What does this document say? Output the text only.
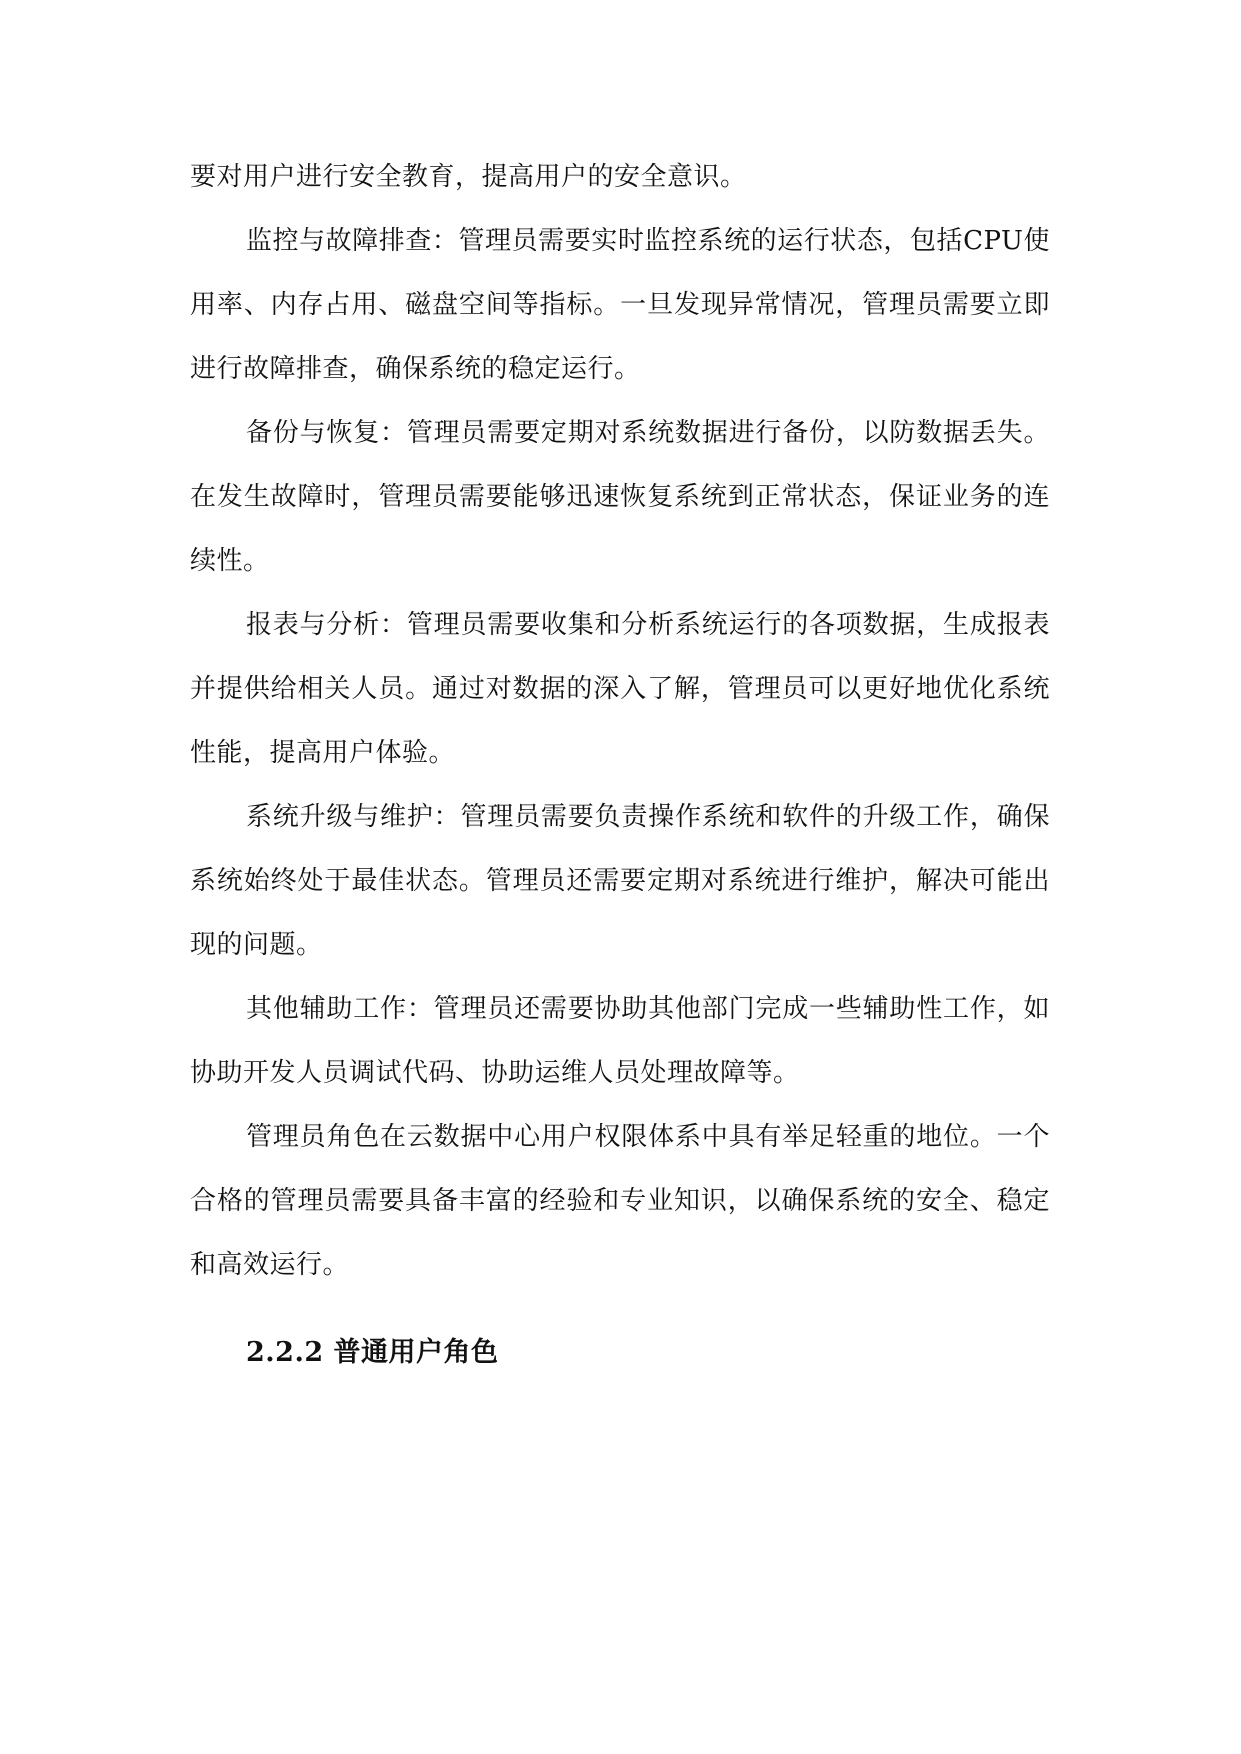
要对用户进行安全教育，提高用户的安全意识。

监控与故障排查：管理员需要实时监控系统的运行状态，包括CPU使用率、内存占用、磁盘空间等指标。一旦发现异常情况，管理员需要立即进行故障排查，确保系统的稳定运行。

备份与恢复：管理员需要定期对系统数据进行备份，以防数据丢失。在发生故障时，管理员需要能够迅速恢复系统到正常状态，保证业务的连续性。

报表与分析：管理员需要收集和分析系统运行的各项数据，生成报表并提供给相关人员。通过对数据的深入了解，管理员可以更好地优化系统性能，提高用户体验。

系统升级与维护：管理员需要负责操作系统和软件的升级工作，确保系统始终处于最佳状态。管理员还需要定期对系统进行维护，解决可能出现的问题。

其他辅助工作：管理员还需要协助其他部门完成一些辅助性工作，如协助开发人员调试代码、协助运维人员处理故障等。

管理员角色在云数据中心用户权限体系中具有举足轻重的地位。一个合格的管理员需要具备丰富的经验和专业知识，以确保系统的安全、稳定和高效运行。

2.2.2 普通用户角色
